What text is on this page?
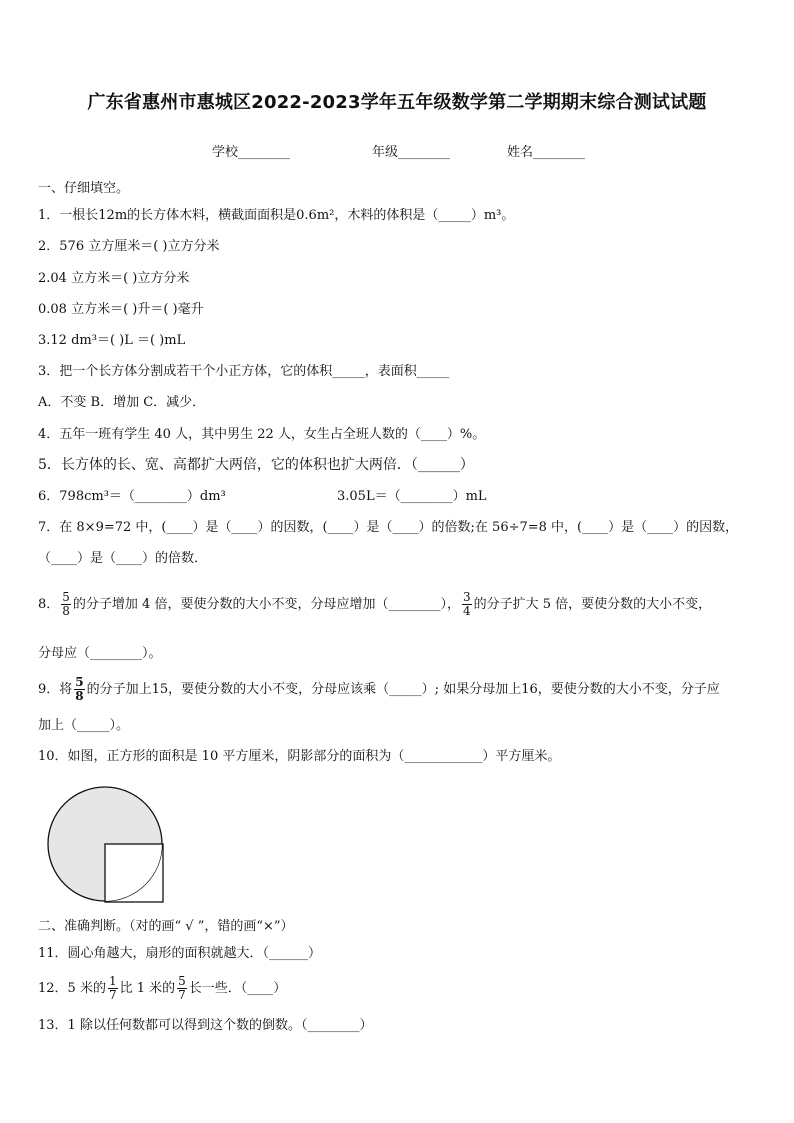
广东省惠州市惠城区2022-2023学年五年级数学第二学期期末综合测试试题
学校________	年级________	姓名________
一、仔细填空。
1．一根长12m的长方体木料，横截面面积是0.6m²，木料的体积是（_____）m³。
2．576 立方厘米＝( )立方分米
2.04 立方米＝( )立方分米
0.08 立方米＝( )升＝( )毫升
3.12 dm³＝( )L ＝( )mL
3．把一个长方体分割成若干个小正方体，它的体积_____，表面积_____
A．不变 B．增加 C．减少．
4．五年一班有学生 40 人，其中男生 22 人，女生占全班人数的（____）%。
5．长方体的长、宽、高都扩大两倍，它的体积也扩大两倍．（______）
6．798cm³＝（________）dm³	3.05L＝（________）mL
7．在 8×9=72 中，(____）是（____）的因数，(____）是（____）的倍数;在 56÷7=8 中，(____）是（____）的因数，
（____）是（____）的倍数．
8． $\frac{5}{8}$ 的分子增加 4 倍，要使分数的大小不变，分母应增加（________）， $\frac{3}{4}$ 的分子扩大 5 倍，要使分数的大小不变，
分母应（________）。
9．将 $\frac{5}{8}$ 的分子加上15，要使分数的大小不变，分母应该乘（_____）; 如果分母加上16，要使分数的大小不变，分子应
加上（_____）。
10．如图，正方形的面积是 10 平方厘米，阴影部分的面积为（____________）平方厘米。
二、准确判断。（对的画“ √ ”，错的画“×”）
11．圆心角越大，扇形的面积就越大．（______）
12．5 米的 $\frac{1}{7}$ 比 1 米的 $\frac{5}{7}$ 长一些．（____）
13．1 除以任何数都可以得到这个数的倒数。（________）
